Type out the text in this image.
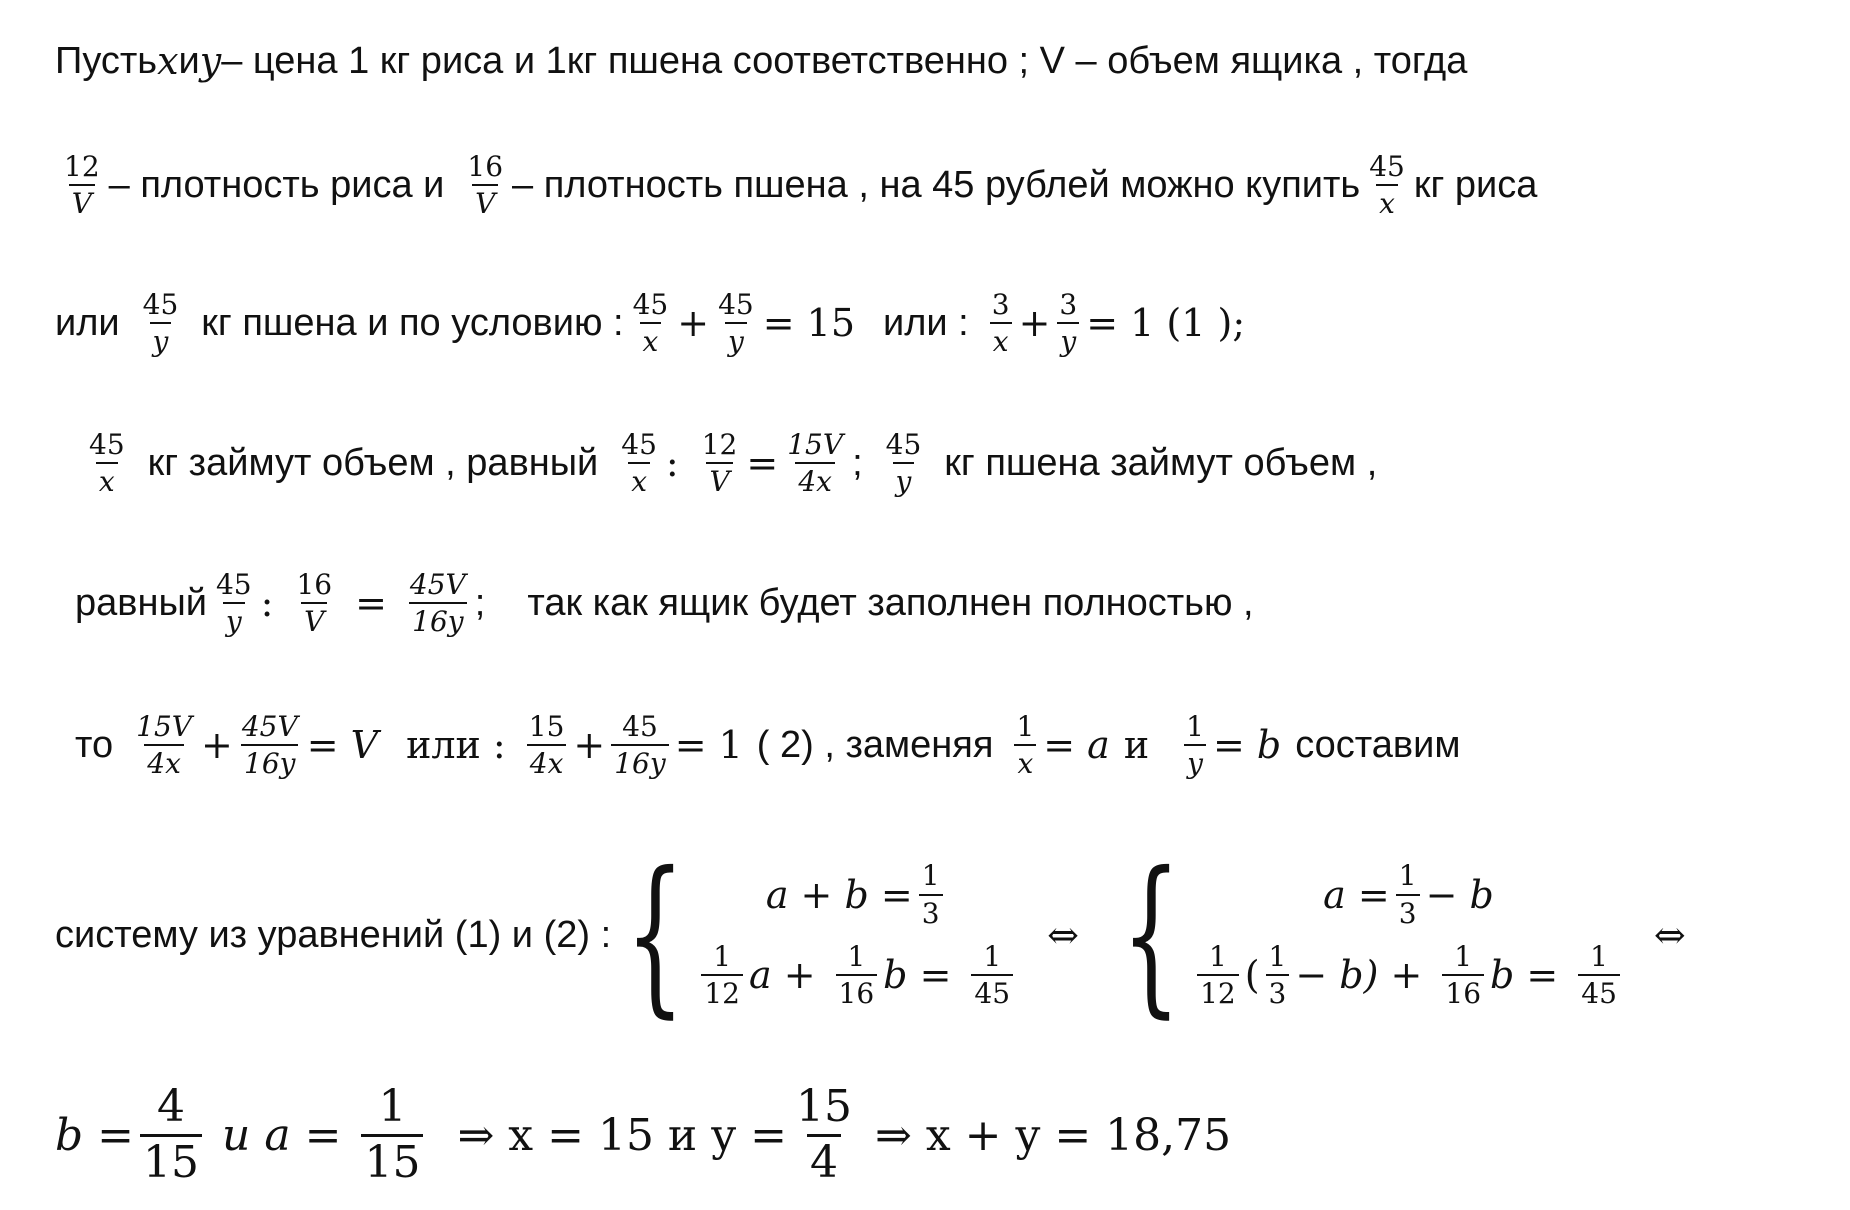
Пусть x и y – цена 1 кг риса и 1кг пшена соответственно ; V – объем ящика , тогда
$\frac{12}{V}$ – плотность риса и $\frac{16}{V}$ – плотность пшена , на 45 рублей можно купить $\frac{45}{x}$ кг риса
или $\frac{45}{y}$ кг пшена и по условию : $\frac{45}{x} + \frac{45}{y} = 15$ или : $\frac{3}{x} + \frac{3}{y} = 1$ (1 );
$\frac{45}{x}$ кг займут объем , равный $\frac{45}{x}$ : $\frac{12}{V} = \frac{15V}{4x}$ ; $\frac{45}{y}$ кг пшена займут объем ,
равный $\frac{45}{y}$ : $\frac{16}{V} = \frac{45V}{16y}$ ; так как ящик будет заполнен полностью ,
то $\frac{15V}{4x} + \frac{45V}{16y} = V$ или : $\frac{15}{4x} + \frac{45}{16y} = 1$ ( 2) , заменяя $\frac{1}{x} = a$ и $\frac{1}{y} = b$ составим
систему из уравнений (1) и (2) : { $a + b = \frac{1}{3}$
$\frac{1}{12}$ $a + \frac{1}{16}$ $b = \frac{1}{45}$
⇔ {	$a = \frac{1}{3} - b$
$\frac{1}{12}$ ( $\frac{1}{3} - b) + \frac{1}{16}$ $b = \frac{1}{45}$
⇔
$b = \frac{4}{15}$ и $a = \frac{1}{15}$ ⇒ x = 15 и $y = \frac{15}{4}$ ⇒ x + y = 18,75
